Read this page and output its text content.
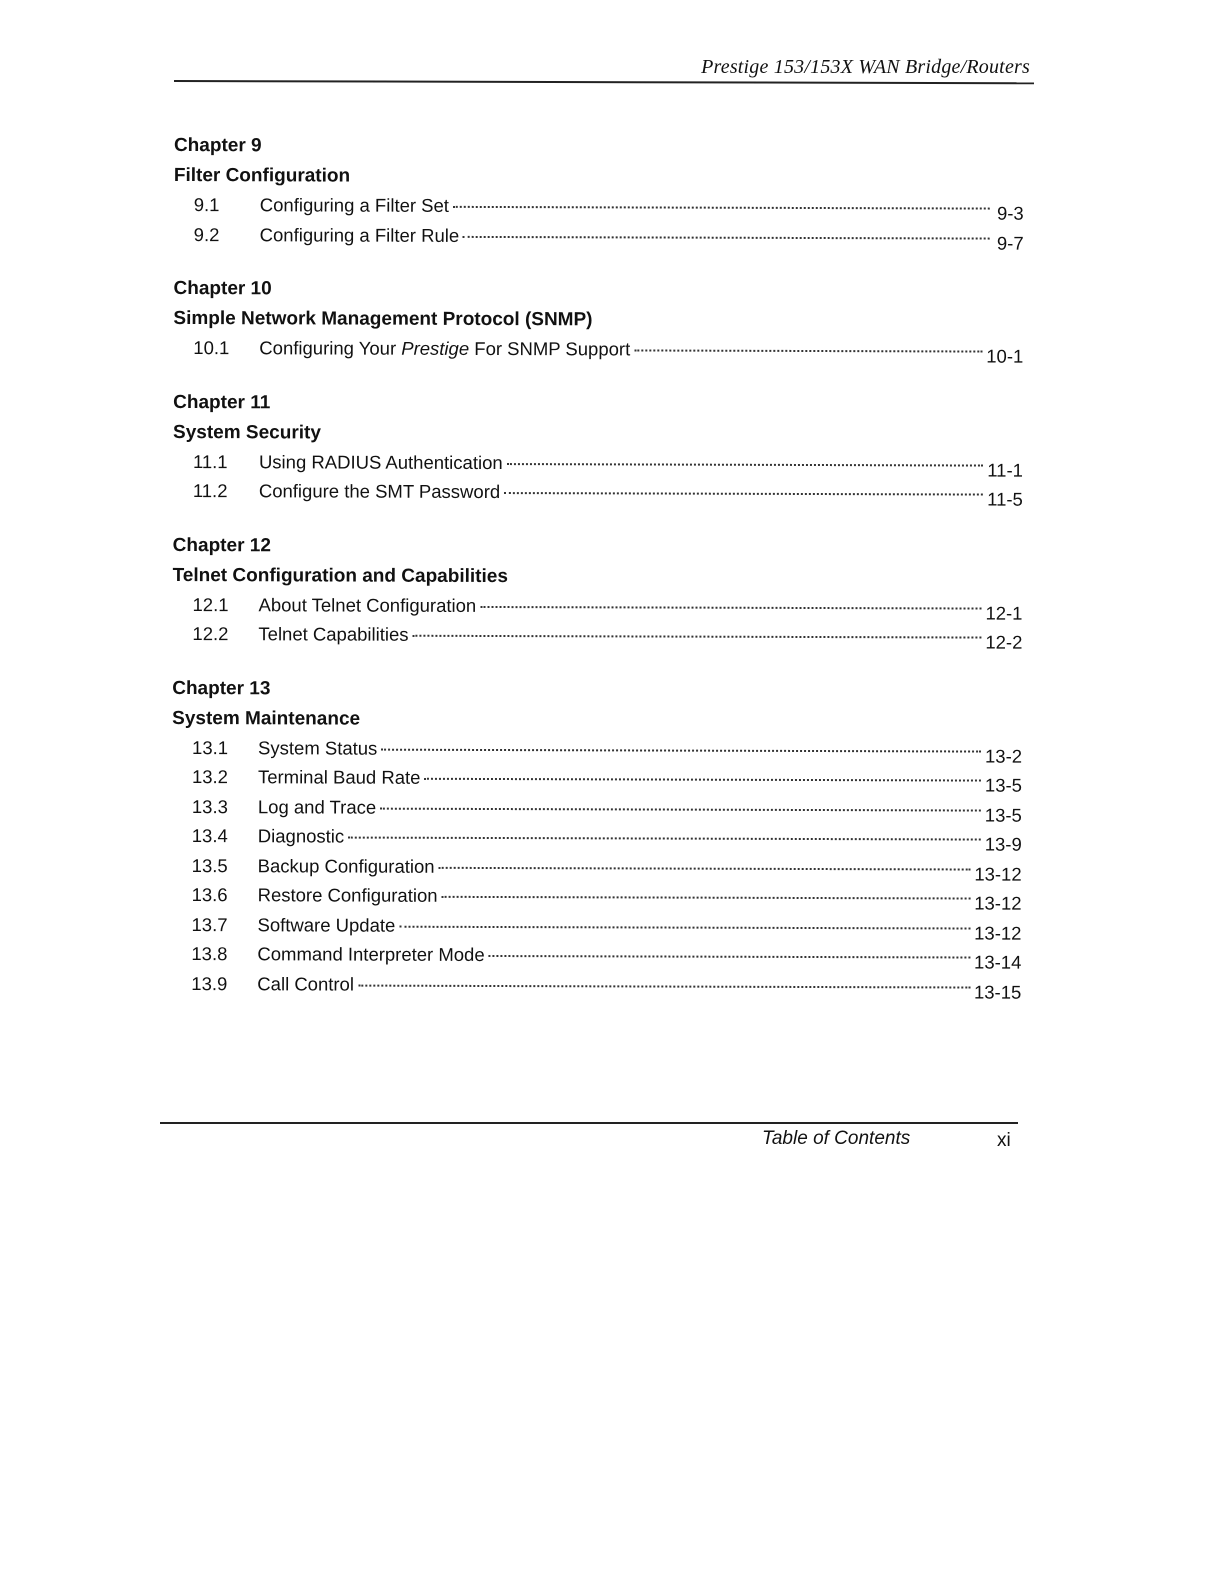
Prestige 153/153X WAN Bridge/Routers
Chapter 9
Filter Configuration
9.1	Configuring a Filter Set	9-3
9.2	Configuring a Filter Rule	9-7
Chapter 10
Simple Network Management Protocol (SNMP)
10.1	Configuring Your Prestige For SNMP Support	10-1
Chapter 11
System Security
11.1	Using RADIUS Authentication	11-1
11.2	Configure the SMT Password	11-5
Chapter 12
Telnet Configuration and Capabilities
12.1	About Telnet Configuration	12-1
12.2	Telnet Capabilities	12-2
Chapter 13
System Maintenance
13.1	System Status	13-2
13.2	Terminal Baud Rate	13-5
13.3	Log and Trace	13-5
13.4	Diagnostic	13-9
13.5	Backup Configuration	13-12
13.6	Restore Configuration	13-12
13.7	Software Update	13-12
13.8	Command Interpreter Mode	13-14
13.9	Call Control	13-15
Table of Contents	xi
